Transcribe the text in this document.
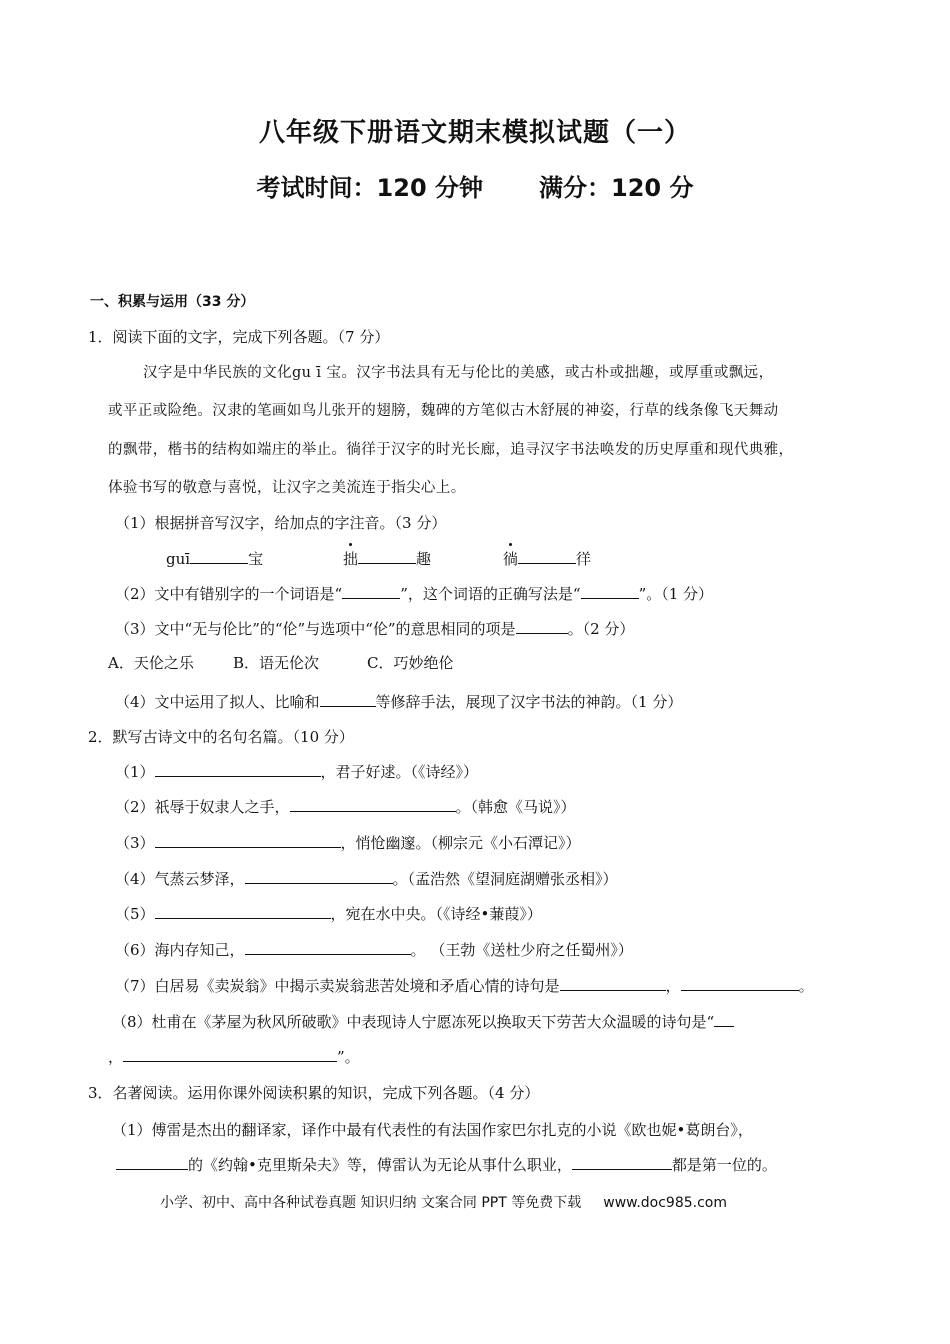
八年级下册语文期末模拟试题（一）
考试时间：120 分钟 满分：120 分
一、积累与运用（33 分）
1．阅读下面的文字，完成下列各题。（7 分）
汉字是中华民族的文化gu ī 宝。汉字书法具有无与伦比的美感，或古朴或拙趣，或厚重或飘远，
或平正或险绝。汉隶的笔画如鸟儿张开的翅膀，魏碑的方笔似古木舒展的神姿，行草的线条像飞天舞动
的飘带，楷书的结构如端庄的举止。徜徉于汉字的时光长廊，追寻汉字书法唤发的历史厚重和现代典雅，
体验书写的敬意与喜悦，让汉字之美流连于指尖心上。
（1）根据拼音写汉字，给加点的字注音。（3 分）
guī	宝	拙	趣	徜	徉
（2）文中有错别字的一个词语是“	”，这个词语的正确写法是“	”。（1 分）
（3）文中“无与伦比”的“伦”与选项中“伦”的意思相同的项是	。（2 分）
A．天伦之乐	B．语无伦次	C．巧妙绝伦
（4）文中运用了拟人、比喻和	等修辞手法，展现了汉字书法的神韵。（1 分）
2．默写古诗文中的名句名篇。（10 分）
（1）	，君子好逑。（《诗经》）
（2）祇辱于奴隶人之手，	。（韩愈《马说》）
（3）	，悄怆幽邃。（柳宗元《小石潭记》）
（4）气蒸云梦泽，	。（孟浩然《望洞庭湖赠张丞相》）
（5）	，宛在水中央。（《诗经•蒹葭》）
（6）海内存知己，	。 （王勃《送杜少府之任蜀州》）
（7）白居易《卖炭翁》中揭示卖炭翁悲苦处境和矛盾心情的诗句是	，	。
（8）杜甫在《茅屋为秋风所破歌》中表现诗人宁愿冻死以换取天下劳苦大众温暖的诗句是“
，	”。
3．名著阅读。运用你课外阅读积累的知识，完成下列各题。（4 分）
（1）傅雷是杰出的翻译家，译作中最有代表性的有法国作家巴尔扎克的小说《欧也妮•葛朗台》，
的《约翰•克里斯朵夫》等，傅雷认为无论从事什么职业，	都是第一位的。
小学、初中、高中各种试卷真题 知识归纳 文案合同 PPT 等免费下载 www.doc985.com
